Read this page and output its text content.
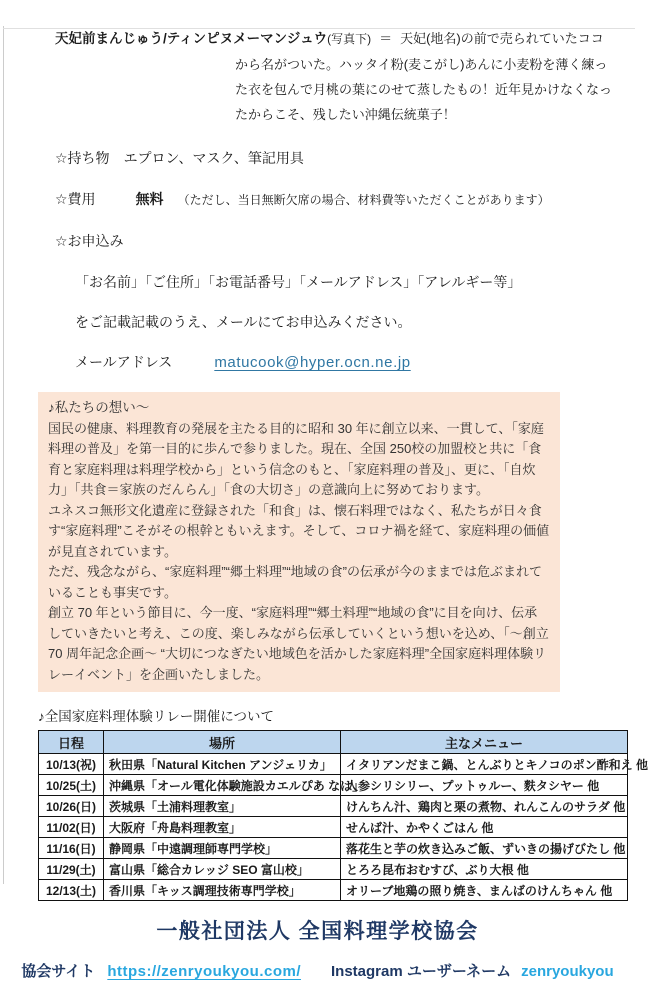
天妃前まんじゅう/ティンピヌメーマンジュウ(写真下) ＝ 天妃(地名)の前で売られていたココから名がついた。ハッタイ粉(麦こがし)あんに小麦粉を薄く練った衣を包んで月桃の葉にのせて蒸したもの！近年見かけなくなったからこそ、残したい沖縄伝統菓子！

☆持ち物 エプロン、マスク、筆記用具
☆費用	無料 （ただし、当日無断欠席の場合、材料費等いただくことがあります）
☆お申込み
「お名前」「ご住所」「お電話番号」「メールアドレス」「アレルギー等」
をご記載記載のうえ、メールにてお申込みください。
メールアドレス	matucook@hyper.ocn.ne.jp
♪私たちの想い～
国民の健康、料理教育の発展を主たる目的に昭和 30 年に創立以来、一貫して、「家庭料理の普及」を第一目的に歩んで参りました。現在、全国 250校の加盟校と共に「食育と家庭料理は料理学校から」という信念のもと、「家庭料理の普及」、更に、「自炊力」「共食＝家族のだんらん」「食の大切さ」の意識向上に努めております。
ユネスコ無形文化遺産に登録された「和食」は、懐石料理ではなく、私たちが日々食す“家庭料理”こそがその根幹ともいえます。そして、コロナ禍を経て、家庭料理の価値が見直されています。
ただ、残念ながら、“家庭料理”“郷土料理”“地域の食”の伝承が今のままでは危ぶまれていることも事実です。
創立 70 年という節目に、今一度、“家庭料理”“郷土料理”“地域の食”に目を向け、伝承していきたいと考え、この度、楽しみながら伝承していくという想いを込め、「～創立 70 周年記念企画～ “大切につなぎたい地域色を活かした家庭料理”全国家庭料理体験リレーイベント」を企画いたしました。
♪全国家庭料理体験リレー開催について
日程	場所	主なメニュー
10/13(祝)	秋田県「Natural Kitchen アンジェリカ」	イタリアンだまこ鍋、とんぶりとキノコのポン酢和え 他
10/25(土)	沖縄県「オール電化体験施設カエルぴあ なは」	人参シリシリー、プットゥルー、麩タシヤー 他
10/26(日)	茨城県「土浦料理教室」	けんちん汁、鶏肉と栗の煮物、れんこんのサラダ 他
11/02(日)	大阪府「舟島料理教室」	せんば汁、かやくごはん 他
11/16(日)	静岡県「中遠調理師専門学校」	落花生と芋の炊き込みご飯、ずいきの揚げびたし 他
11/29(土)	富山県「総合カレッジ SEO 富山校」	とろろ昆布おむすび、ぶり大根 他
12/13(土)	香川県「キッス調理技術専門学校」	オリーブ地鶏の照り焼き、まんばのけんちゃん 他
一般社団法人 全国料理学校協会
協会サイト https://zenryoukyou.com/ Instagram ユーザーネーム zenryoukyou
